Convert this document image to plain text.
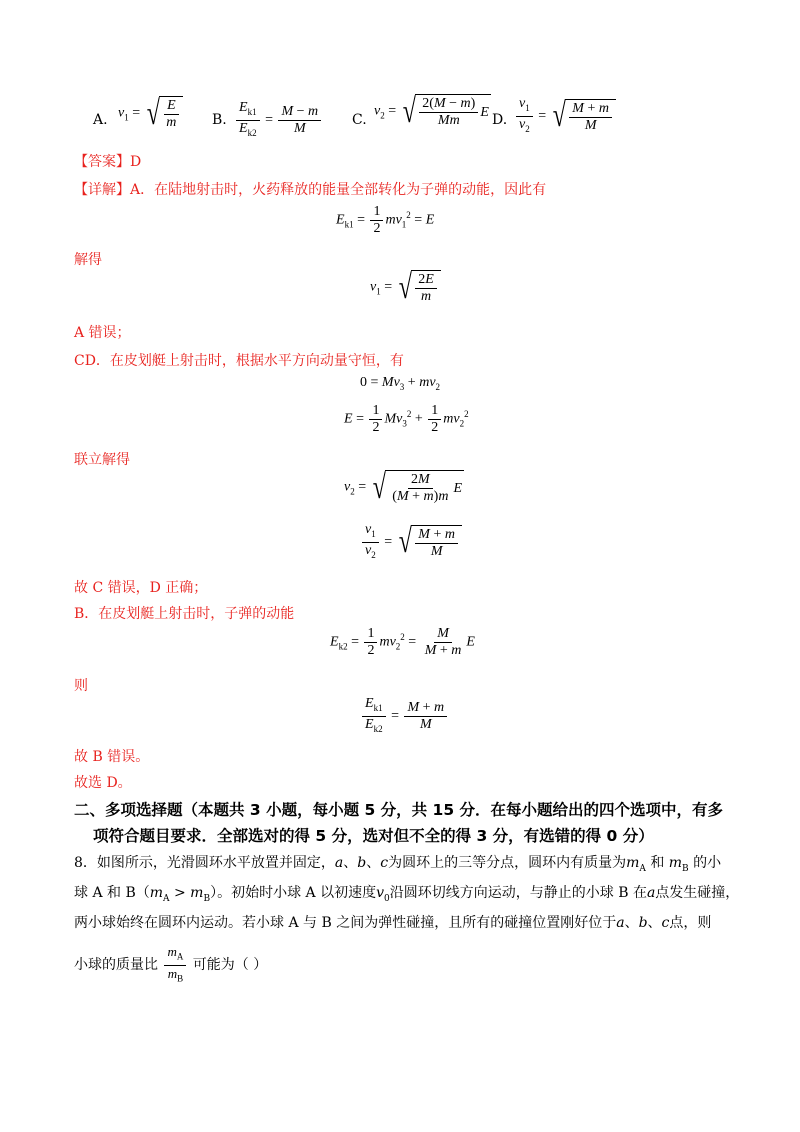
A. $v_1$ = √ $\frac{E}{m} B$. $\frac{E_{k1}}{E_{k2}} = \frac{M - m}{M} C$.
$v_2$ = √ $\frac{2(M - m)}{Mm}$ E D. $\frac{v_1}{v_2}$ = √ $\frac{M + m}{M}$
【答案】D
【详解】A．在陆地射击时，火药释放的能量全部转化为子弹的动能，因此有
$E_{k1} = \frac{1}{2} mv_1^2 = E$
解得
$v_1$ = √ $\frac{2E}{m}$
A 错误；
CD．在皮划艇上射击时，根据水平方向动量守恒，有
$0 = Mv_3 + mv_2$
$E = \frac{1}{2} Mv_3^2 + \frac{1}{2} mv_2^2$
联立解得
$v_2$ = √ $\frac{2M}{(M + m)m}$ E
$\frac{v_1}{v_2}$ = √ $\frac{M + m}{M}$
故 C 错误，D 正确；
B．在皮划艇上射击时，子弹的动能
$E_{k2} = \frac{1}{2} mv_2^2 = \frac{M}{M + m}$ E
则
$\frac{E_{k1}}{E_{k2}} = \frac{M + m}{M}$
故 B 错误。
故选 D。
二、多项选择题（本题共 3 小题，每小题 5 分，共 15 分．在每小题给出的四个选项中，有多
项符合题目要求．全部选对的得 5 分，选对但不全的得 3 分，有选错的得 0 分）
8．如图所示，光滑圆环水平放置并固定，a、b、c为圆环上的三等分点，圆环内有质量为$m_A$ 和 $m_B$ 的小
球 A 和 $B(m_A > m_B)$。初始时小球 A 以初速度$v_0$沿圆环切线方向运动，与静止的小球 B 在a点发生碰撞，
两小球始终在圆环内运动。若小球 A 与 B 之间为弹性碰撞，且所有的碰撞位置刚好位于a、b、c点，则
小球的质量比 $\frac{m_A}{m_B}$ 可能为（ ）
